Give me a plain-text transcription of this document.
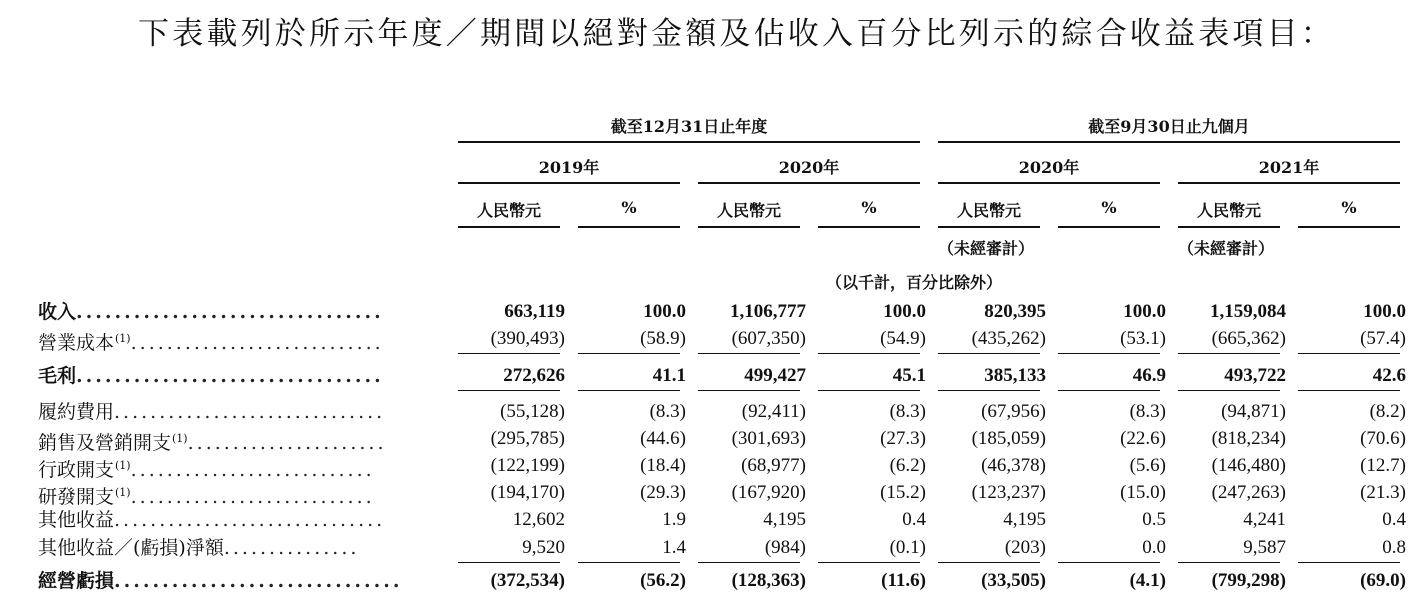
下表載列於所示年度／期間以絕對金額及佔收入百分比列示的綜合收益表項目：
截至12月31日止年度	截至9月30日止九個月
2019年	2020年	2020年	2021年
人民幣元	%	人民幣元	%	人民幣元	%	人民幣元	%
（未經審計）	（未經審計）
（以千計，百分比除外）
收入................................	663,119	100.0	1,106,777	100.0	820,395	100.0	1,159,084	100.0
營業成本$^{(1)}$............................	(390,493)	(58.9)	(607,350)	(54.9)	(435,262)	(53.1)	(665,362)	(57.4)
毛利................................	272,626	41.1	499,427	45.1	385,133	46.9	493,722	42.6
履約費用..............................	(55,128)	(8.3)	(92,411)	(8.3)	(67,956)	(8.3)	(94,871)	(8.2)
銷售及營銷開支$^{(1)}$......................	(295,785)	(44.6)	(301,693)	(27.3)	(185,059)	(22.6)	(818,234)	(70.6)
行政開支$^{(1)}$...........................	(122,199)	(18.4)	(68,977)	(6.2)	(46,378)	(5.6)	(146,480)	(12.7)
研發開支$^{(1)}$...........................	(194,170)	(29.3)	(167,920)	(15.2)	(123,237)	(15.0)	(247,263)	(21.3)
其他收益..............................	12,602	1.9	4,195	0.4	4,195	0.5	4,241	0.4
其他收益／(虧損)淨額...............	9,520	1.4	(984)	(0.1)	(203)	0.0	9,587	0.8
經營虧損..............................	(372,534)	(56.2)	(128,363)	(11.6)	(33,505)	(4.1)	(799,298)	(69.0)
